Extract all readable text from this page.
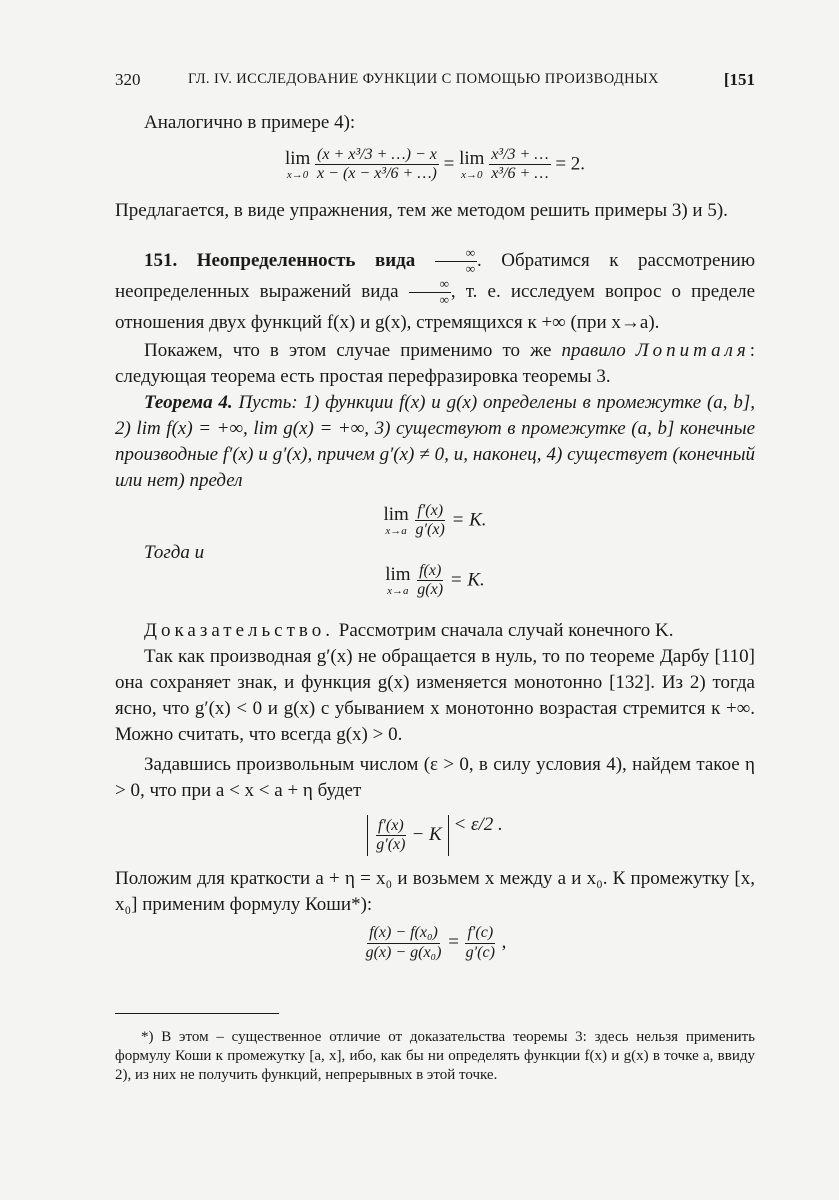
320	ГЛ. IV. ИССЛЕДОВАНИЕ ФУНКЦИИ С ПОМОЩЬЮ ПРОИЗВОДНЫХ	[151

Аналогично в примере 4):

lim
x→0
$\frac{\text{(x + x³/3 + …) − x}}{\text{x − (x − x³/6 + …)}} = \lim$
x→0
$\frac{\text{x³/3 + …}}{\text{x³/6 + …}} = 2$.

Предлагается, в виде упражнения, тем же методом решить примеры 3) и 5).

151. Неопределенность вида $\frac{\infty}{\infty}$ . Обратимся к рассмотрению неопределенных выражений вида $\frac{\infty}{\infty}$ , т. е. исследуем вопрос о пределе отношения двух функций f(x) и g(x), стремящихся к +∞ (при x→a).

Покажем, что в этом случае применимо то же правило Лопиталя: следующая теорема есть простая перефразировка теоремы 3.

Теорема 4. Пусть: 1) функции f(x) и g(x) определены в промежутке (a, b], 2) lim f(x) = +∞, lim g(x) = +∞, 3) существуют в промежутке (a, b] конечные производные f′(x) и g′(x), причем g′(x) ≠ 0, и, наконец, 4) существует (конечный или нет) предел

lim
x→a
$\frac{f'(x)}{g'(x)} = K$.

Тогда и

lim
x→a
$\frac{f(x)}{g(x)} = K$.

Доказательство. Рассмотрим сначала случай конечного K.

Так как производная g′(x) не обращается в нуль, то по теореме Дарбу [110] она сохраняет знак, и функция g(x) изменяется монотонно [132]. Из 2) тогда ясно, что g′(x) < 0 и g(x) с убыванием x монотонно возрастая стремится к +∞. Можно считать, что всегда g(x) > 0.

Задавшись произвольным числом (ε > 0, в силу условия 4), найдем такое η > 0, что при a < x < a + η будет

$\frac{f'(x)}{g'(x)} - K$
< ε/2 .

Положим для краткости a + η = x₀ и возьмем x между a и x₀. К промежутку [x, x₀] применим формулу Коши*):

$\frac{\text{f(x) − f(x₀)}}{\text{g(x) − g(x₀)}} = \frac{f'(c)}{g'(c)}$ ,

*) В этом – существенное отличие от доказательства теоремы 3: здесь нельзя применить формулу Коши к промежутку [a, x], ибо, как бы ни определять функции f(x) и g(x) в точке a, ввиду 2), из них не получить функций, непрерывных в этой точке.
